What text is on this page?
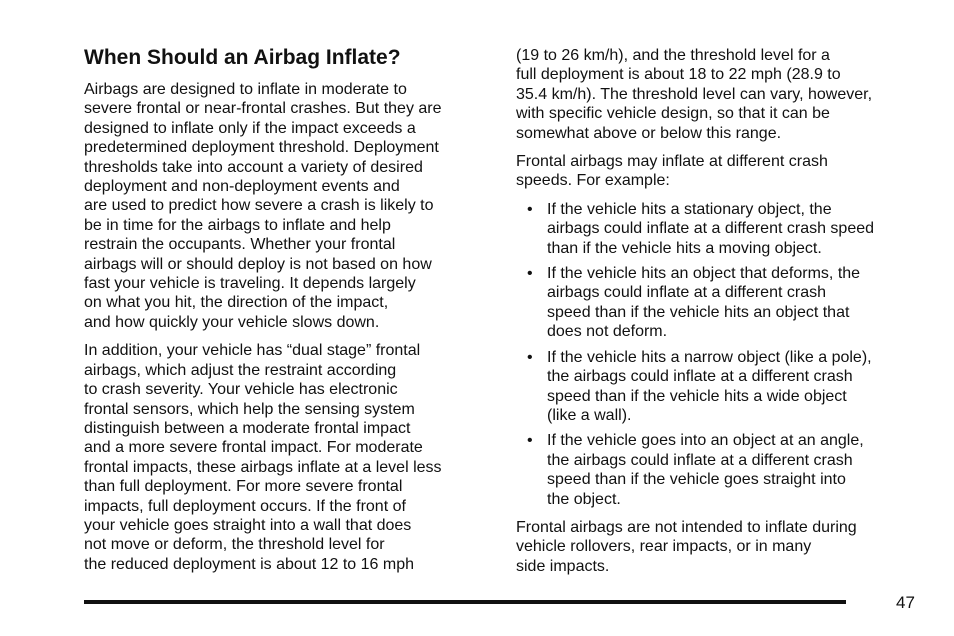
When Should an Airbag Inflate?

Airbags are designed to inflate in moderate to
severe frontal or near-frontal crashes. But they are
designed to inflate only if the impact exceeds a
predetermined deployment threshold. Deployment
thresholds take into account a variety of desired
deployment and non-deployment events and
are used to predict how severe a crash is likely to
be in time for the airbags to inflate and help
restrain the occupants. Whether your frontal
airbags will or should deploy is not based on how
fast your vehicle is traveling. It depends largely
on what you hit, the direction of the impact,
and how quickly your vehicle slows down.

In addition, your vehicle has “dual stage” frontal
airbags, which adjust the restraint according
to crash severity. Your vehicle has electronic
frontal sensors, which help the sensing system
distinguish between a moderate frontal impact
and a more severe frontal impact. For moderate
frontal impacts, these airbags inflate at a level less
than full deployment. For more severe frontal
impacts, full deployment occurs. If the front of
your vehicle goes straight into a wall that does
not move or deform, the threshold level for
the reduced deployment is about 12 to 16 mph

(19 to 26 km/h), and the threshold level for a
full deployment is about 18 to 22 mph (28.9 to
35.4 km/h). The threshold level can vary, however,
with specific vehicle design, so that it can be
somewhat above or below this range.

Frontal airbags may inflate at different crash
speeds. For example:

• If the vehicle hits a stationary object, the
airbags could inflate at a different crash speed
than if the vehicle hits a moving object.
• If the vehicle hits an object that deforms, the
airbags could inflate at a different crash
speed than if the vehicle hits an object that
does not deform.
• If the vehicle hits a narrow object (like a pole),
the airbags could inflate at a different crash
speed than if the vehicle hits a wide object
(like a wall).
• If the vehicle goes into an object at an angle,
the airbags could inflate at a different crash
speed than if the vehicle goes straight into
the object.

Frontal airbags are not intended to inflate during
vehicle rollovers, rear impacts, or in many
side impacts.

47
